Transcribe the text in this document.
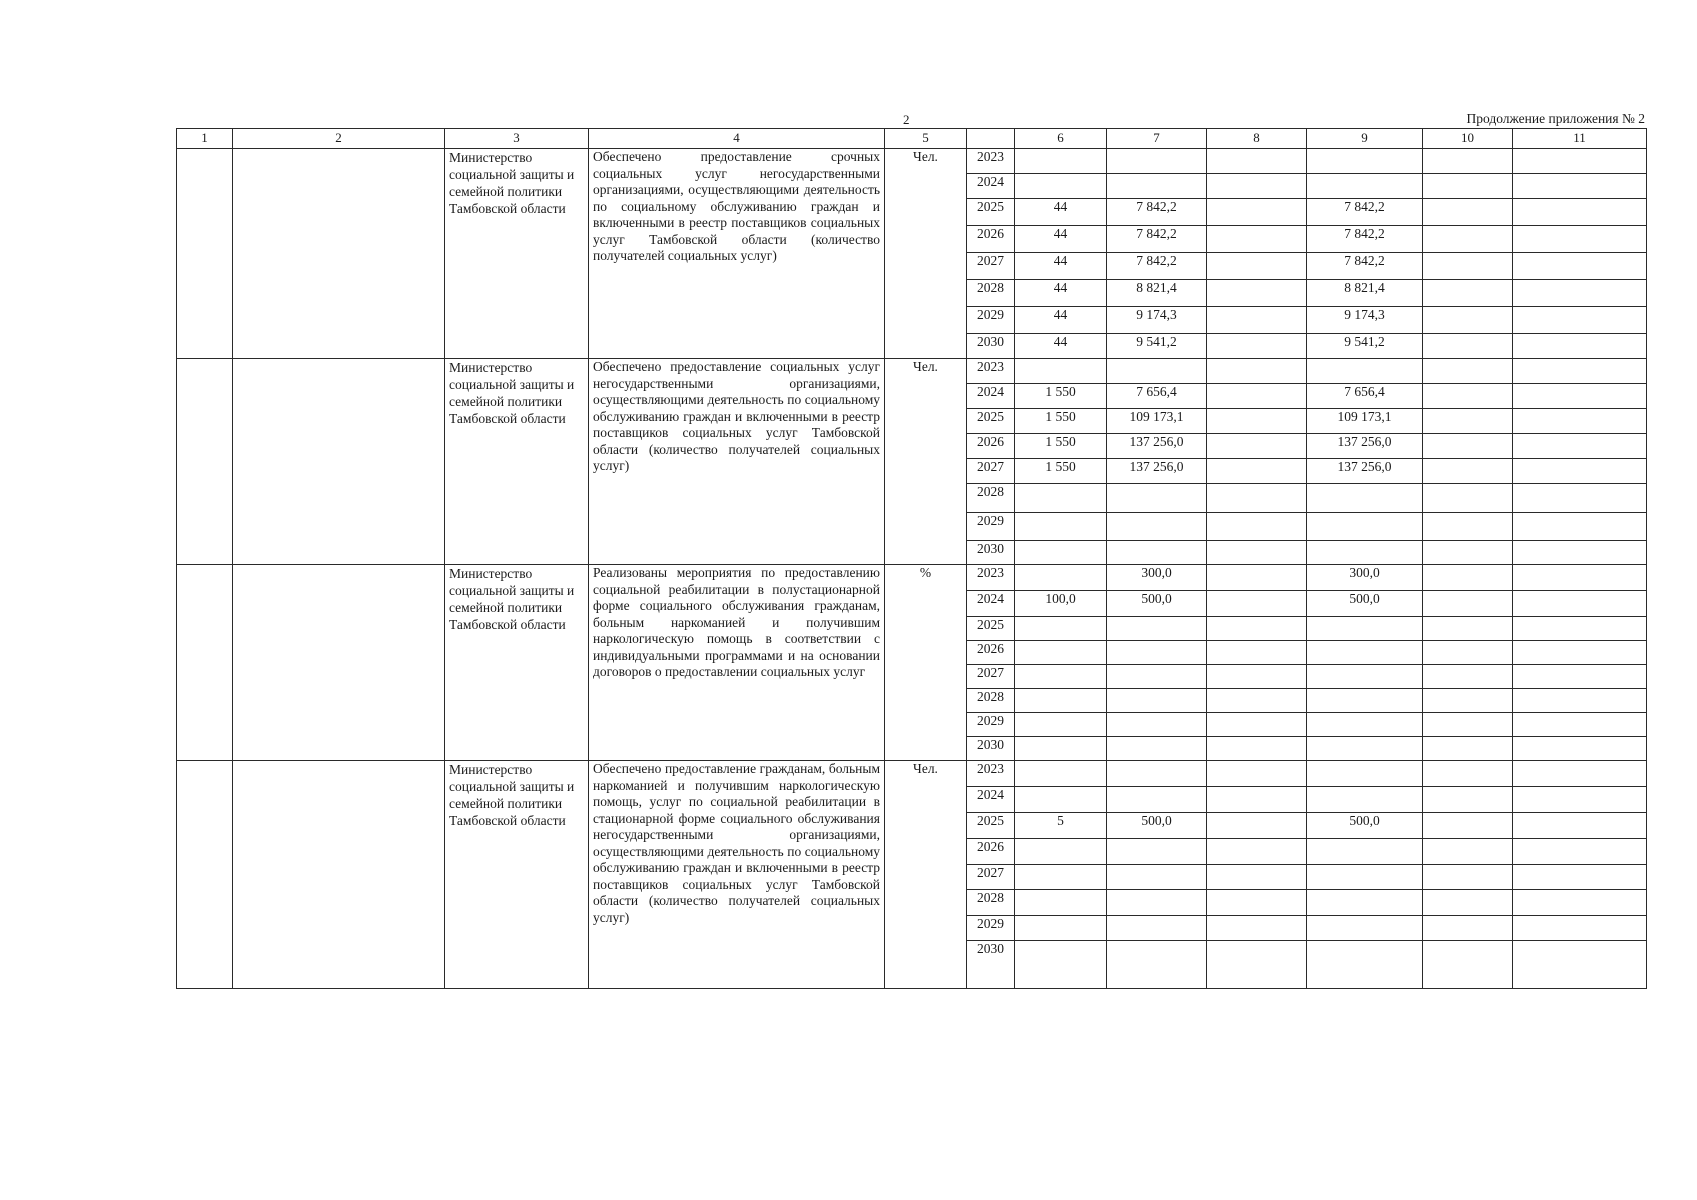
2	Продолжение приложения № 2
1	2	3	4	5		6	7	8	9	10	11
		Министерство социальной защиты и семейной политики Тамбовской области	Обеспечено предоставление срочных социальных услуг негосударственными организациями, осуществляющими деятельность по социальному обслуживанию граждан и включенными в реестр поставщиков социальных услуг Тамбовской области (количество получателей социальных услуг)	Чел.	2023						
					2024						
					2025	44	7 842,2		7 842,2		
					2026	44	7 842,2		7 842,2		
					2027	44	7 842,2		7 842,2		
					2028	44	8 821,4		8 821,4		
					2029	44	9 174,3		9 174,3		
					2030	44	9 541,2		9 541,2		
		Министерство социальной защиты и семейной политики Тамбовской области	Обеспечено предоставление социальных услуг негосударственными организациями, осуществляющими деятельность по социальному обслуживанию граждан и включенными в реестр поставщиков социальных услуг Тамбовской области (количество получателей социальных услуг)	Чел.	2023						
					2024	1 550	7 656,4		7 656,4		
					2025	1 550	109 173,1		109 173,1		
					2026	1 550	137 256,0		137 256,0		
					2027	1 550	137 256,0		137 256,0		
					2028						
					2029						
					2030						
		Министерство социальной защиты и семейной политики Тамбовской области	Реализованы мероприятия по предоставлению социальной реабилитации в полустационарной форме социального обслуживания гражданам, больным наркоманией и получившим наркологическую помощь в соответствии с индивидуальными программами и на основании договоров о предоставлении социальных услуг	%	2023		300,0		300,0		
					2024	100,0	500,0		500,0		
					2025						
					2026						
					2027						
					2028						
					2029						
					2030						
		Министерство социальной защиты и семейной политики Тамбовской области	Обеспечено предоставление гражданам, больным наркоманией и получившим наркологическую помощь, услуг по социальной реабилитации в стационарной форме социального обслуживания негосударственными организациями, осуществляющими деятельность по социальному обслуживанию граждан и включенными в реестр поставщиков социальных услуг Тамбовской области (количество получателей социальных услуг)	Чел.	2023						
					2024						
					2025	5	500,0		500,0		
					2026						
					2027						
					2028						
					2029						
					2030						
